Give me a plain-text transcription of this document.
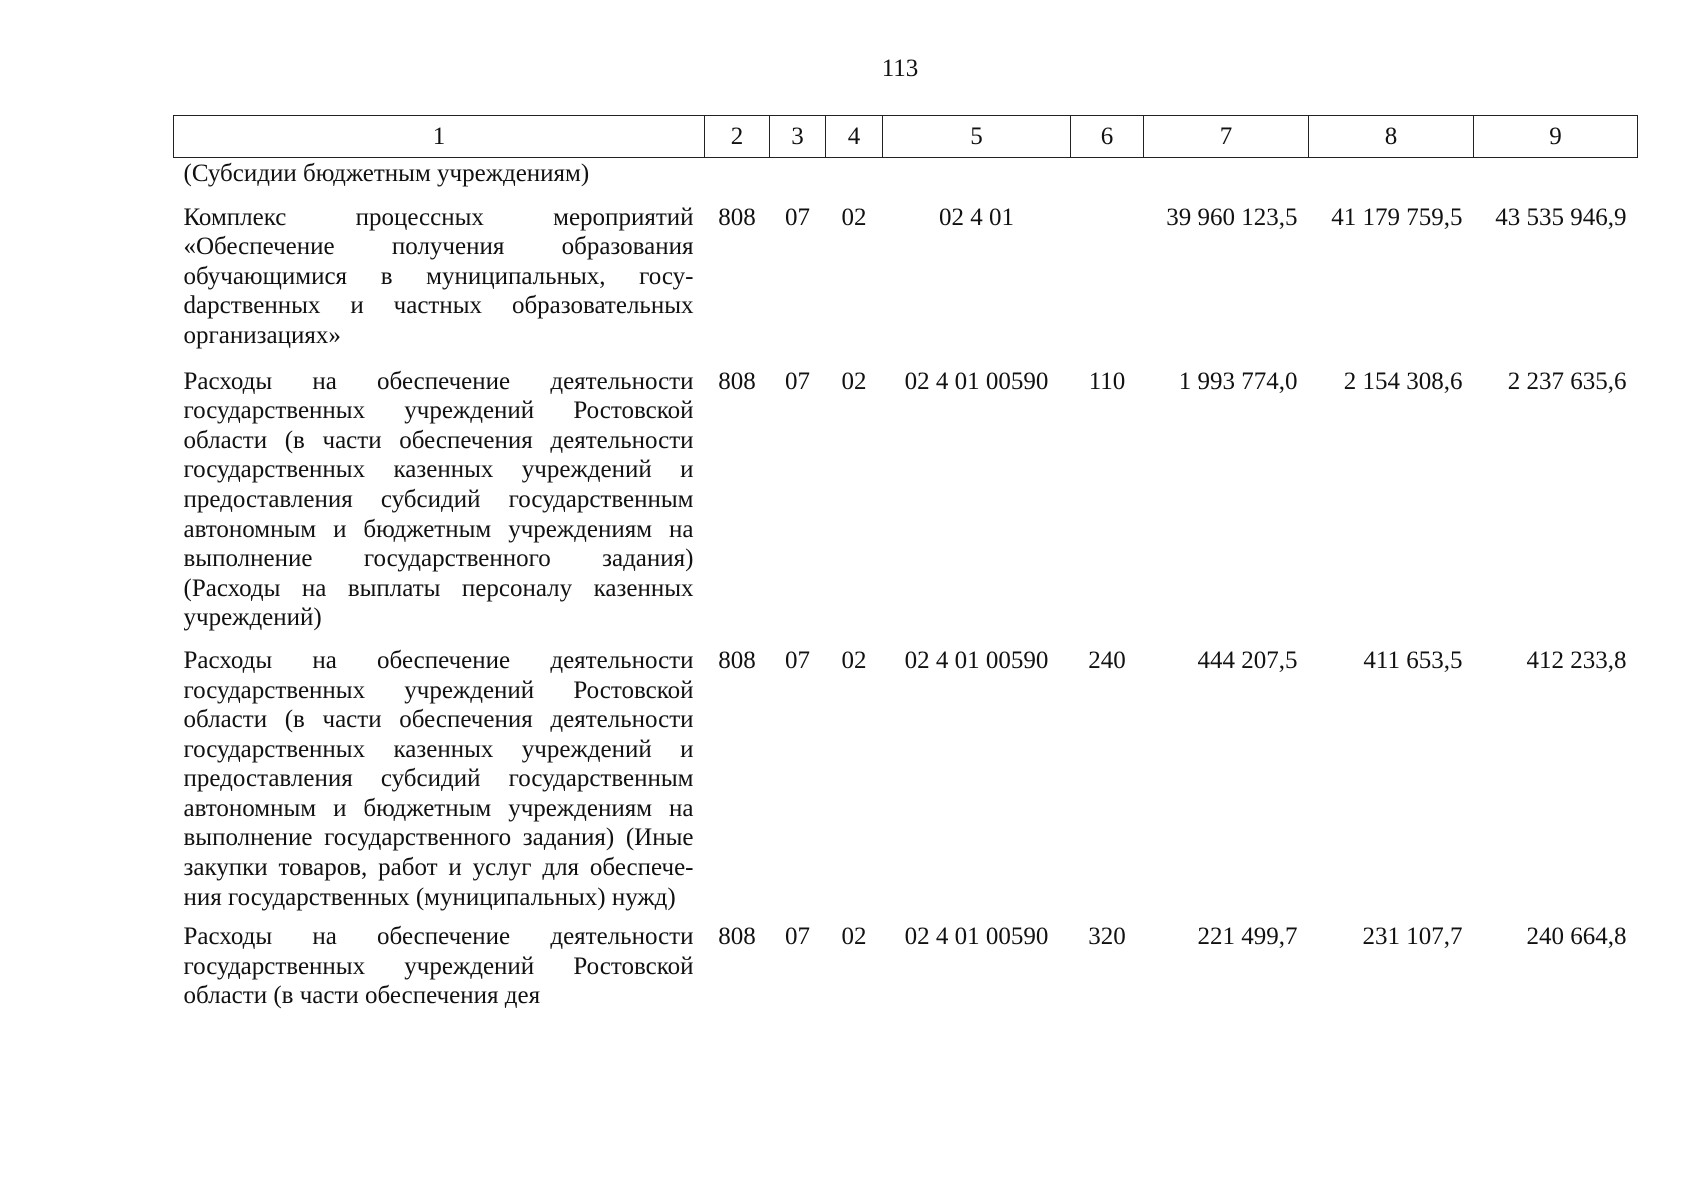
113
1	2	3	4	5	6	7	8	9
(Субсидии бюджетным учреждениям)								
Комплекс процессных мероприятий «Обеспечение получения образования обучающимися в муниципальных, госуdарственных и частных образовательных организациях»	808	07	02	02 4 01		39 960 123,5	41 179 759,5	43 535 946,9
Расходы на обеспечение деятельности государственных учреждений Ростовской области (в части обеспечения деятельности государственных казенных учреждений и предоставления субсидий государственным автономным и бюджетным учреждениям на выполнение государственного задания) (Расходы на выплаты персоналу казенных учреждений)	808	07	02	02 4 01 00590	110	1 993 774,0	2 154 308,6	2 237 635,6
Расходы на обеспечение деятельности государственных учреждений Ростовской области (в части обеспечения деятельности государственных казенных учреждений и предоставления субсидий государственным автономным и бюджетным учреждениям на выполнение государственного задания) (Иные закупки товаров, работ и услуг для обеспечения государственных (муниципальных) нужд)	808	07	02	02 4 01 00590	240	444 207,5	411 653,5	412 233,8
Расходы на обеспечение деятельности государственных учреждений Ростовской области (в части обеспечения дея	808	07	02	02 4 01 00590	320	221 499,7	231 107,7	240 664,8
